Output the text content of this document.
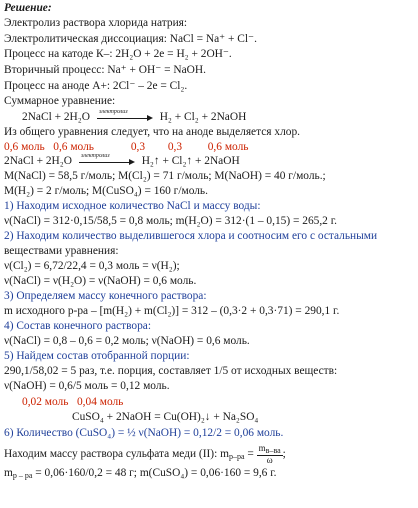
Решение:
Электролиз раствора хлорида натрия:
Электролитическая диссоциация: NaCl = Na⁺ + Cl⁻.
Процесс на катоде К–: 2H₂O + 2e = H₂ + 2OH⁻.
Вторичный процесс: Na⁺ + OH⁻ = NaOH.
Процесс на аноде А+: 2Cl⁻ – 2e = Cl₂.
Суммарное уравнение:
2NaCl + 2H₂O электролиз	H₂ + Cl₂ + 2NaOH
Из общего уравнения следует, что на аноде выделяется хлор.
0,6 моль   0,6 моль	0,3        0,3         0,6 моль
2NaCl + 2H₂O электролиз	H₂↑ + Cl₂↑ + 2NaOH
M(NaCl) = 58,5 г/моль; M(Cl₂) = 71 г/моль; M(NaOH) = 40 г/моль.;
M(H₂) = 2 г/моль; M(CuSO₄) = 160 г/моль.
1) Находим исходное количество NaCl и массу воды:
ν(NaCl) = 312·0,15/58,5 = 0,8 моль; m(H₂O) = 312·(1 – 0,15) = 265,2 г.
2) Находим количество выделившегося хлора и соотносим его с остальными
веществами уравнения:
ν(Cl₂) = 6,72/22,4 = 0,3 моль = ν(H₂);
ν(NaCl) = ν(H₂O) = ν(NaOH) = 0,6 моль.
3) Определяем массу конечного раствора:
m исходного р-ра – [m(H₂) + m(Cl₂)] = 312 – (0,3·2 + 0,3·71) = 290,1 г.
4) Состав конечного раствора:
ν(NaCl) = 0,8 – 0,6 = 0,2 моль; ν(NaOH) = 0,6 моль.
5) Найдем состав отобранной порции:
290,1/58,02 = 5 раз, т.е. порция, составляет 1/5 от исходных веществ:
ν(NaOH) = 0,6/5 моль = 0,12 моль.
0,02 моль   0,04 моль
CuSO₄ + 2NaOH = Cu(OH)₂↓ + Na₂SO₄
6) Количество (CuSO₄) = ½ ν(NaOH) = 0,12/2 = 0,06 моль.
Находим массу раствора сульфата меди (II): $m_{р-ра} = \frac{mв-ва}{\omega}$ ;
$m_{р - ра} = 0,06\cdot 160/0,2 = 48$ г; m(CuSO₄) = 0,06·160 = 9,6 г.
